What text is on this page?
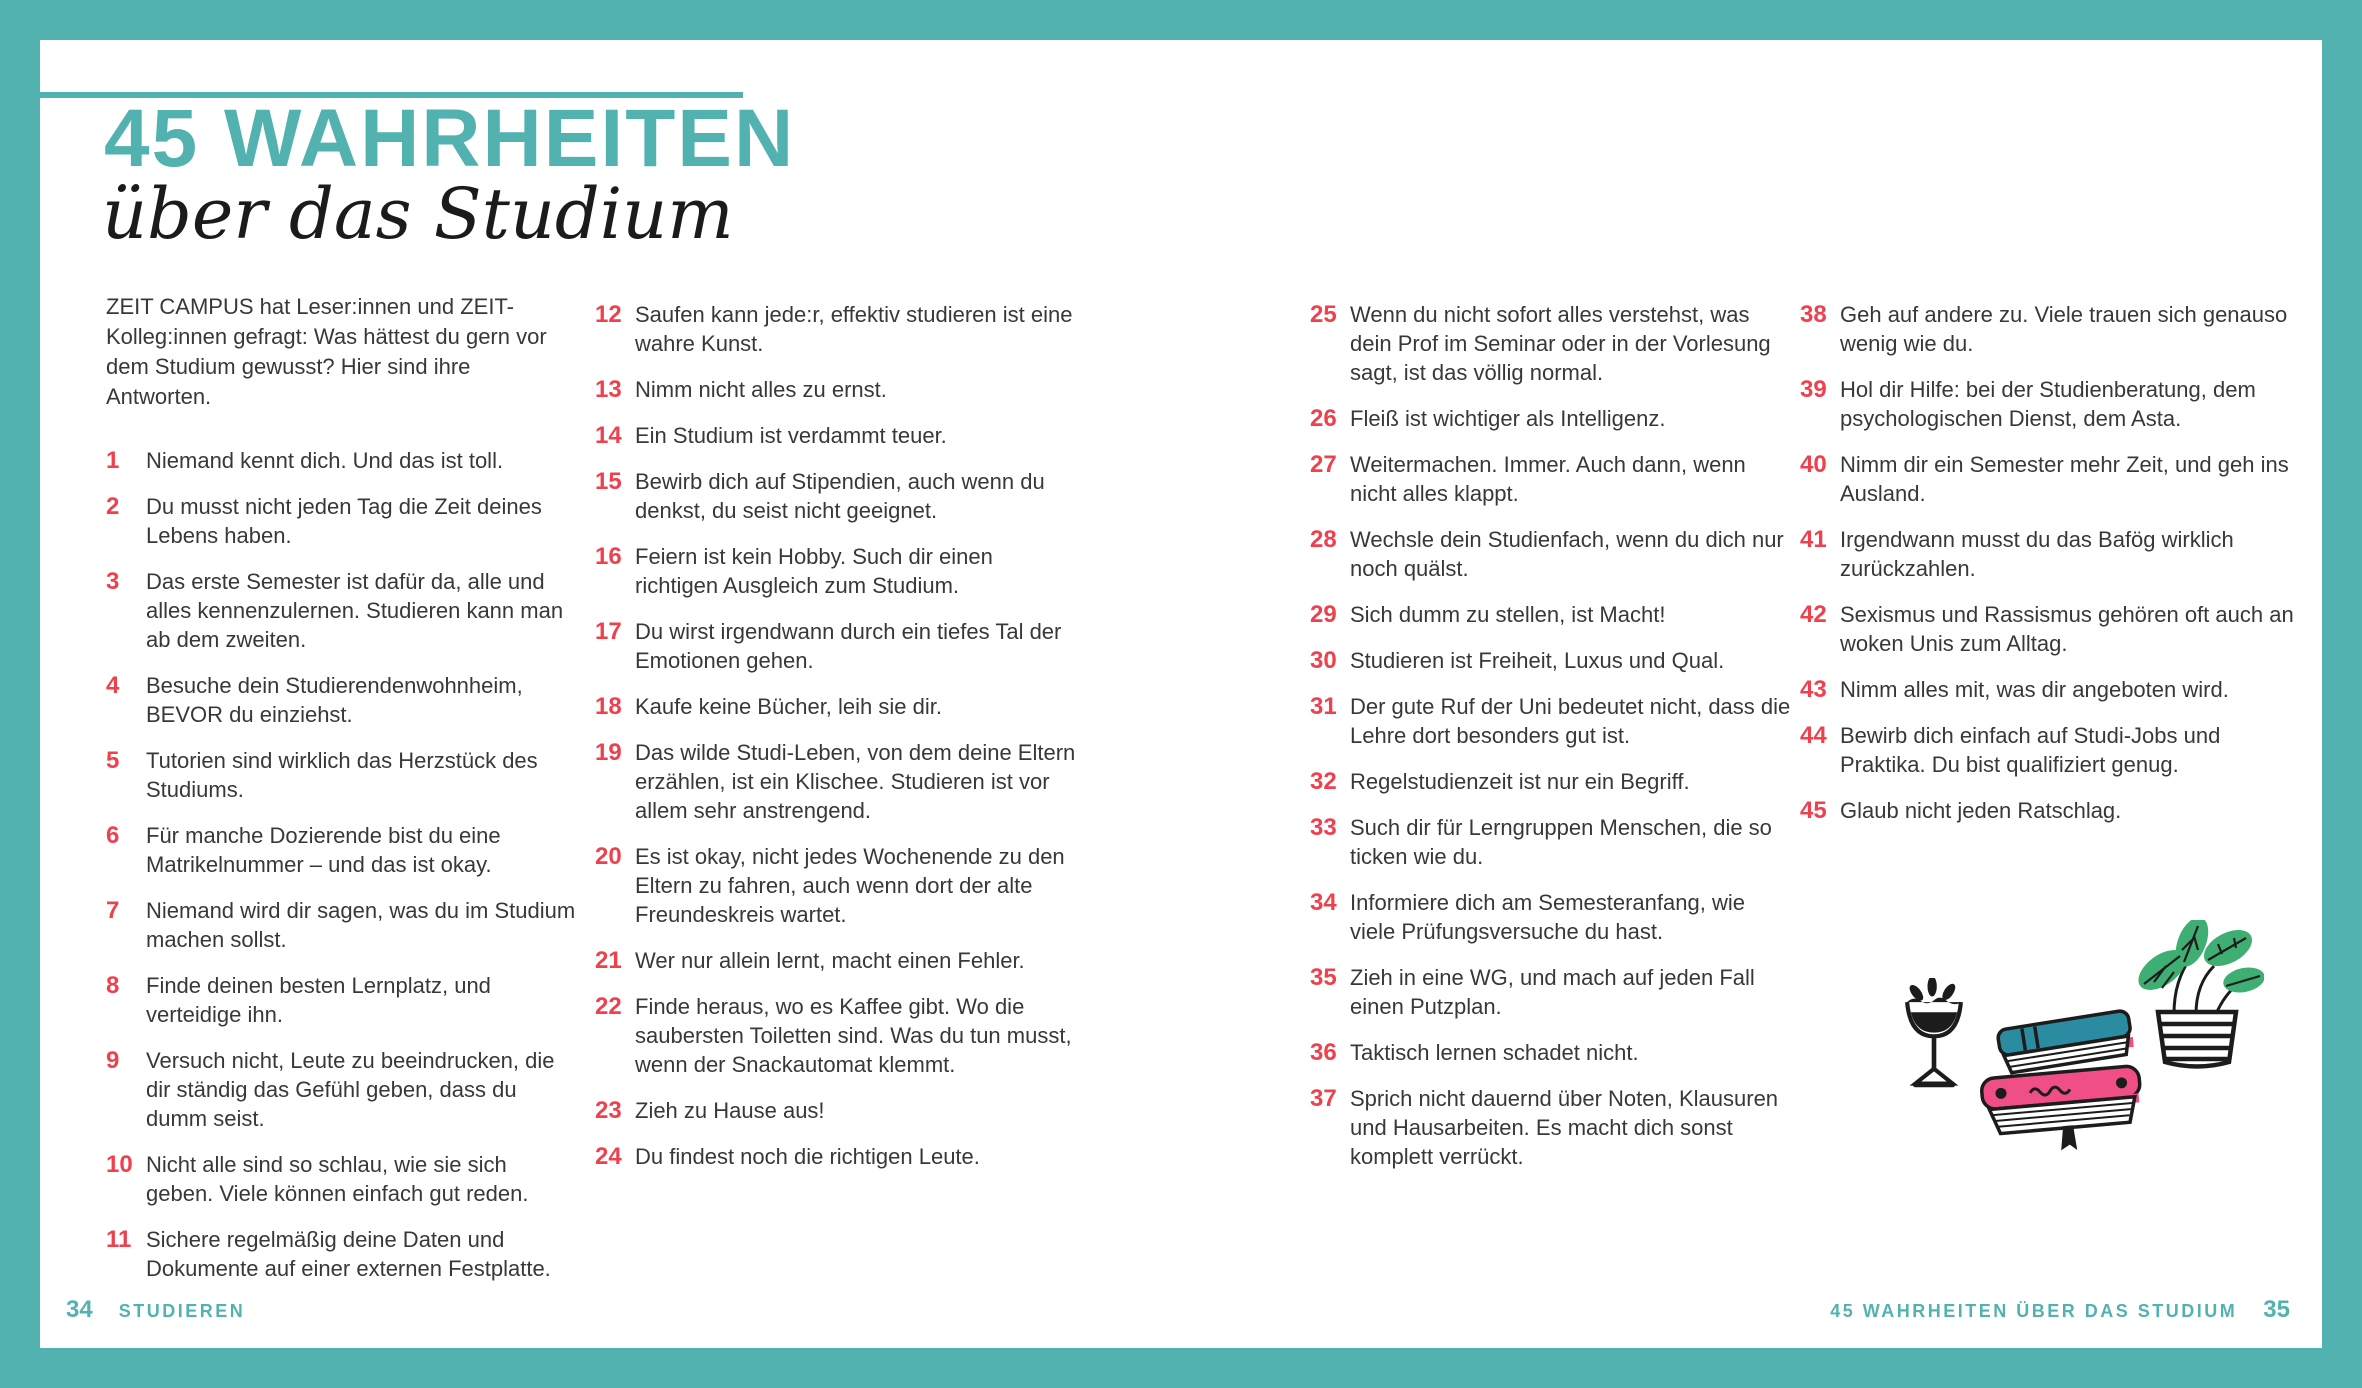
45 WAHRHEITEN
über das Studium

ZEIT CAMPUS hat Leser:innen und ZEIT-Kolleg:innen gefragt: Was hättest du gern vor dem Studium gewusst? Hier sind ihre Antworten.

1 Niemand kennt dich. Und das ist toll.
2 Du musst nicht jeden Tag die Zeit deines Lebens haben.
3 Das erste Semester ist dafür da, alle und alles kennenzulernen. Studieren kann man ab dem zweiten.
4 Besuche dein Studierendenwohnheim, BEVOR du einziehst.
5 Tutorien sind wirklich das Herzstück des Studiums.
6 Für manche Dozierende bist du eine Matrikelnummer – und das ist okay.
7 Niemand wird dir sagen, was du im Studium machen sollst.
8 Finde deinen besten Lernplatz, und verteidige ihn.
9 Versuch nicht, Leute zu beeindrucken, die dir ständig das Gefühl geben, dass du dumm seist.
10 Nicht alle sind so schlau, wie sie sich geben. Viele können einfach gut reden.
11 Sichere regelmäßig deine Daten und Dokumente auf einer externen Festplatte.
12 Saufen kann jede:r, effektiv studieren ist eine wahre Kunst.
13 Nimm nicht alles zu ernst.
14 Ein Studium ist verdammt teuer.
15 Bewirb dich auf Stipendien, auch wenn du denkst, du seist nicht geeignet.
16 Feiern ist kein Hobby. Such dir einen richtigen Ausgleich zum Studium.
17 Du wirst irgendwann durch ein tiefes Tal der Emotionen gehen.
18 Kaufe keine Bücher, leih sie dir.
19 Das wilde Studi-Leben, von dem deine Eltern erzählen, ist ein Klischee. Studieren ist vor allem sehr anstrengend.
20 Es ist okay, nicht jedes Wochenende zu den Eltern zu fahren, auch wenn dort der alte Freundeskreis wartet.
21 Wer nur allein lernt, macht einen Fehler.
22 Finde heraus, wo es Kaffee gibt. Wo die saubersten Toiletten sind. Was du tun musst, wenn der Snackautomat klemmt.
23 Zieh zu Hause aus!
24 Du findest noch die richtigen Leute.
25 Wenn du nicht sofort alles verstehst, was dein Prof im Seminar oder in der Vorlesung sagt, ist das völlig normal.
26 Fleiß ist wichtiger als Intelligenz.
27 Weitermachen. Immer. Auch dann, wenn nicht alles klappt.
28 Wechsle dein Studienfach, wenn du dich nur noch quälst.
29 Sich dumm zu stellen, ist Macht!
30 Studieren ist Freiheit, Luxus und Qual.
31 Der gute Ruf der Uni bedeutet nicht, dass die Lehre dort besonders gut ist.
32 Regelstudienzeit ist nur ein Begriff.
33 Such dir für Lerngruppen Menschen, die so ticken wie du.
34 Informiere dich am Semesteranfang, wie viele Prüfungsversuche du hast.
35 Zieh in eine WG, und mach auf jeden Fall einen Putzplan.
36 Taktisch lernen schadet nicht.
37 Sprich nicht dauernd über Noten, Klausuren und Hausarbeiten. Es macht dich sonst komplett verrückt.
38 Geh auf andere zu. Viele trauen sich genauso wenig wie du.
39 Hol dir Hilfe: bei der Studienberatung, dem psychologischen Dienst, dem Asta.
40 Nimm dir ein Semester mehr Zeit, und geh ins Ausland.
41 Irgendwann musst du das Bafög wirklich zurückzahlen.
42 Sexismus und Rassismus gehören oft auch an woken Unis zum Alltag.
43 Nimm alles mit, was dir angeboten wird.
44 Bewirb dich einfach auf Studi-Jobs und Praktika. Du bist qualifiziert genug.
45 Glaub nicht jeden Ratschlag.
34 STUDIEREN	45 WAHRHEITEN ÜBER DAS STUDIUM 35
